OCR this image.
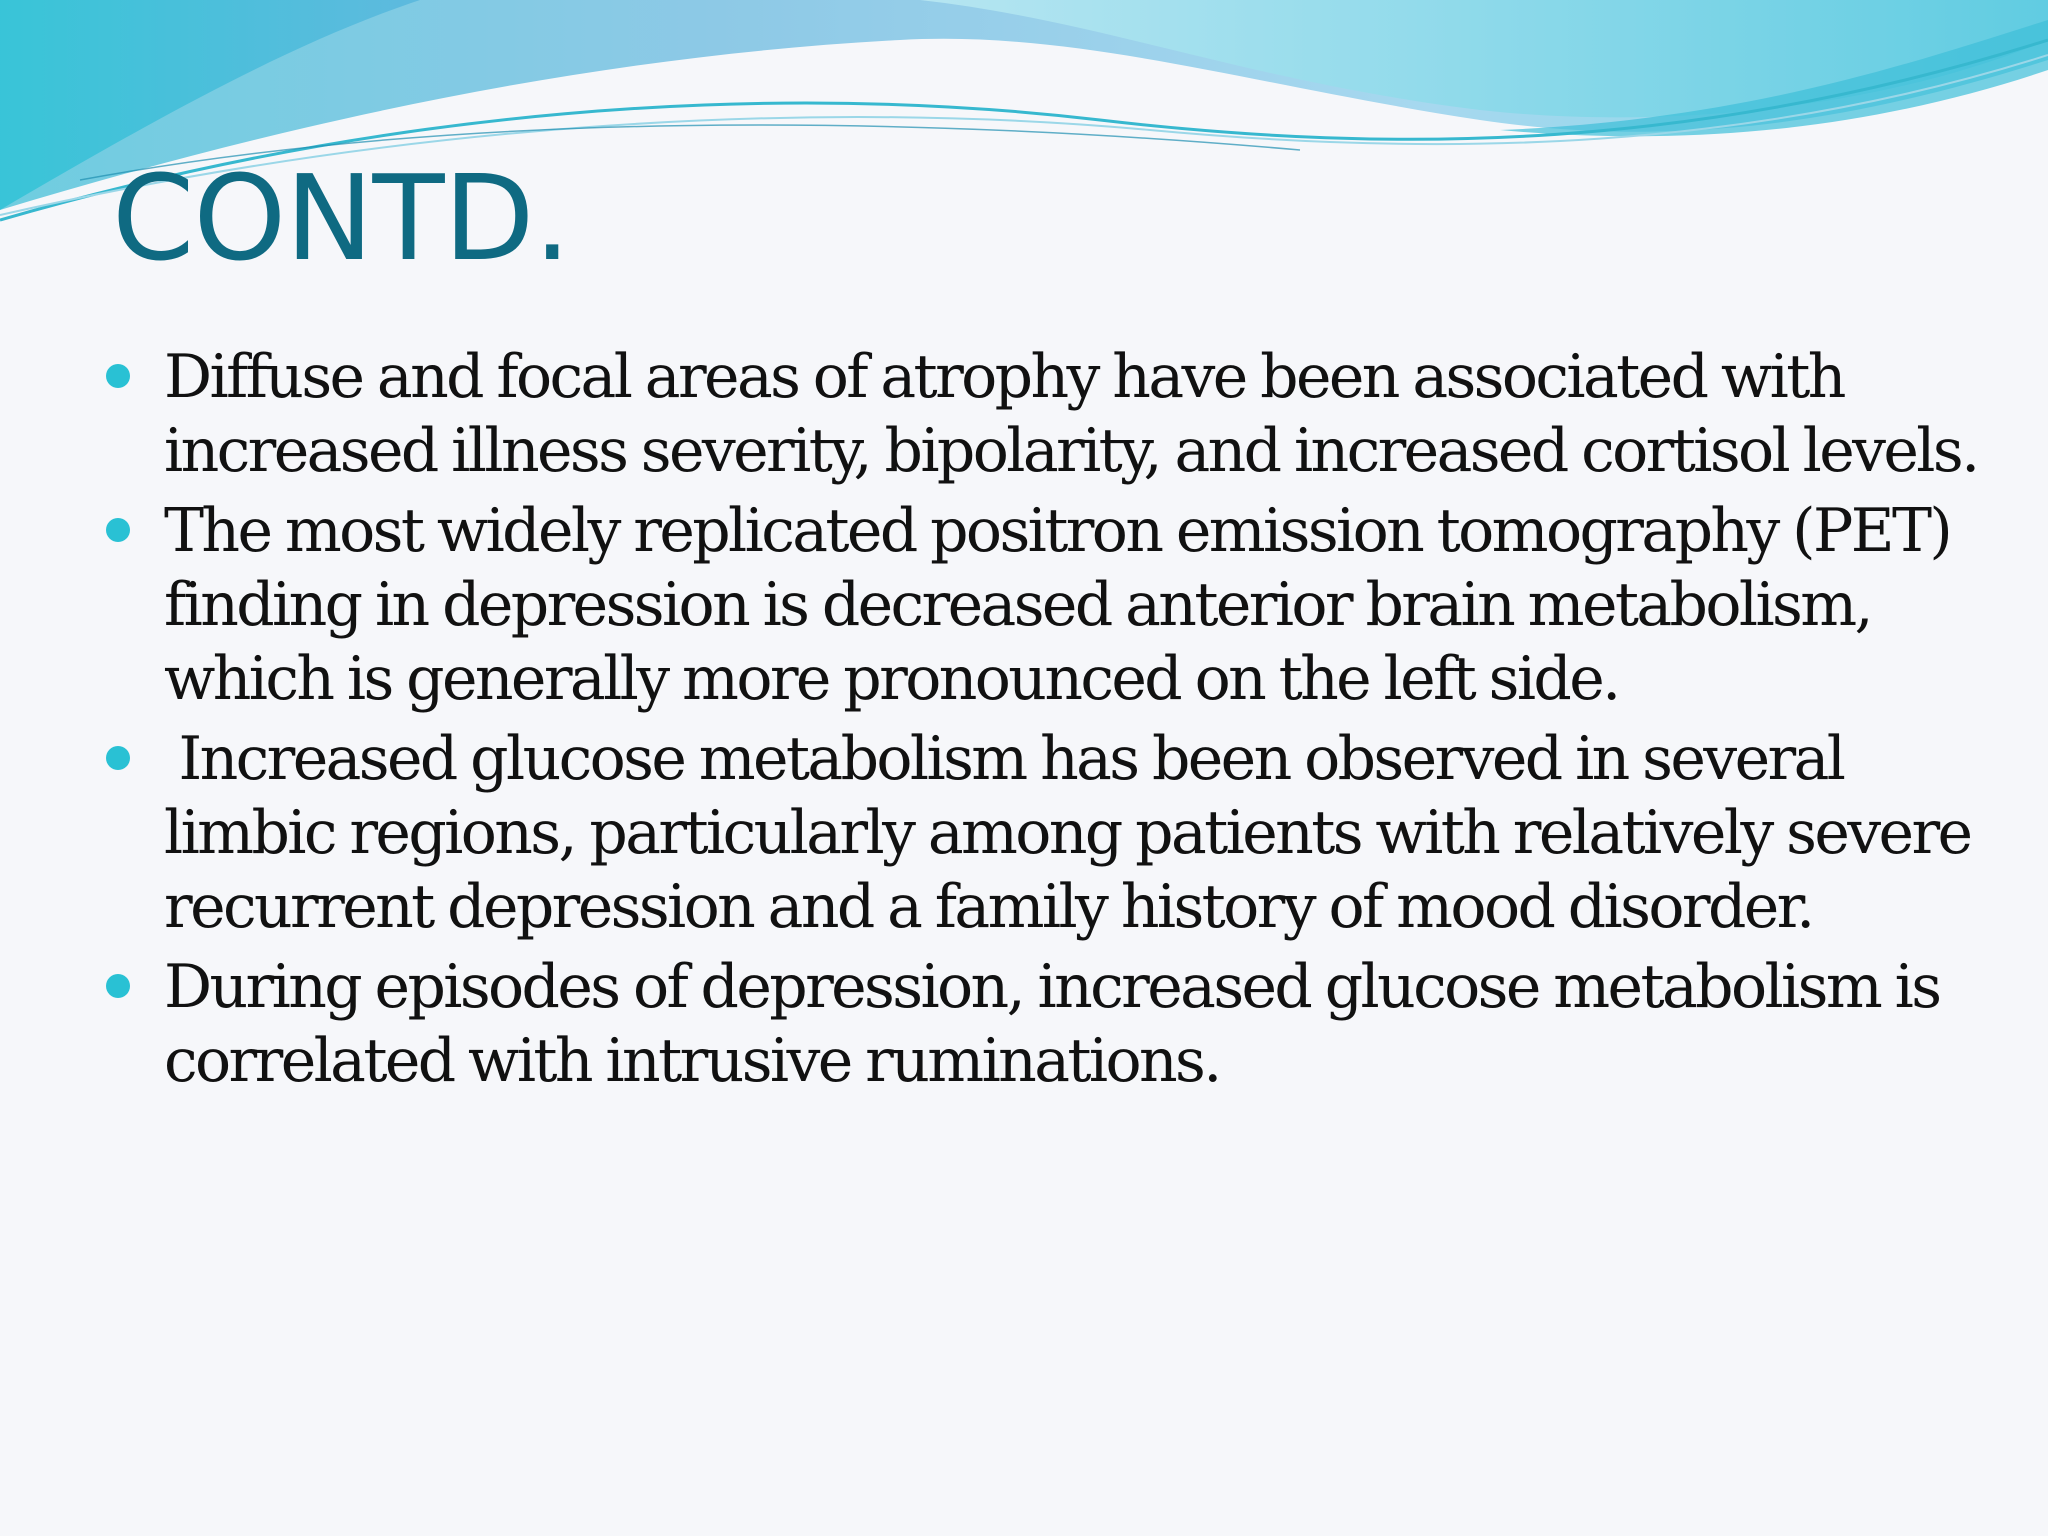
CONTD.
Diffuse and focal areas of atrophy have been associated with increased illness severity, bipolarity, and increased cortisol levels.
The most widely replicated positron emission tomography (PET) finding in depression is decreased anterior brain metabolism, which is generally more pronounced on the left side.
Increased glucose metabolism has been observed in several limbic regions, particularly among patients with relatively severe recurrent depression and a family history of mood disorder.
During episodes of depression, increased glucose metabolism is correlated with intrusive ruminations.
